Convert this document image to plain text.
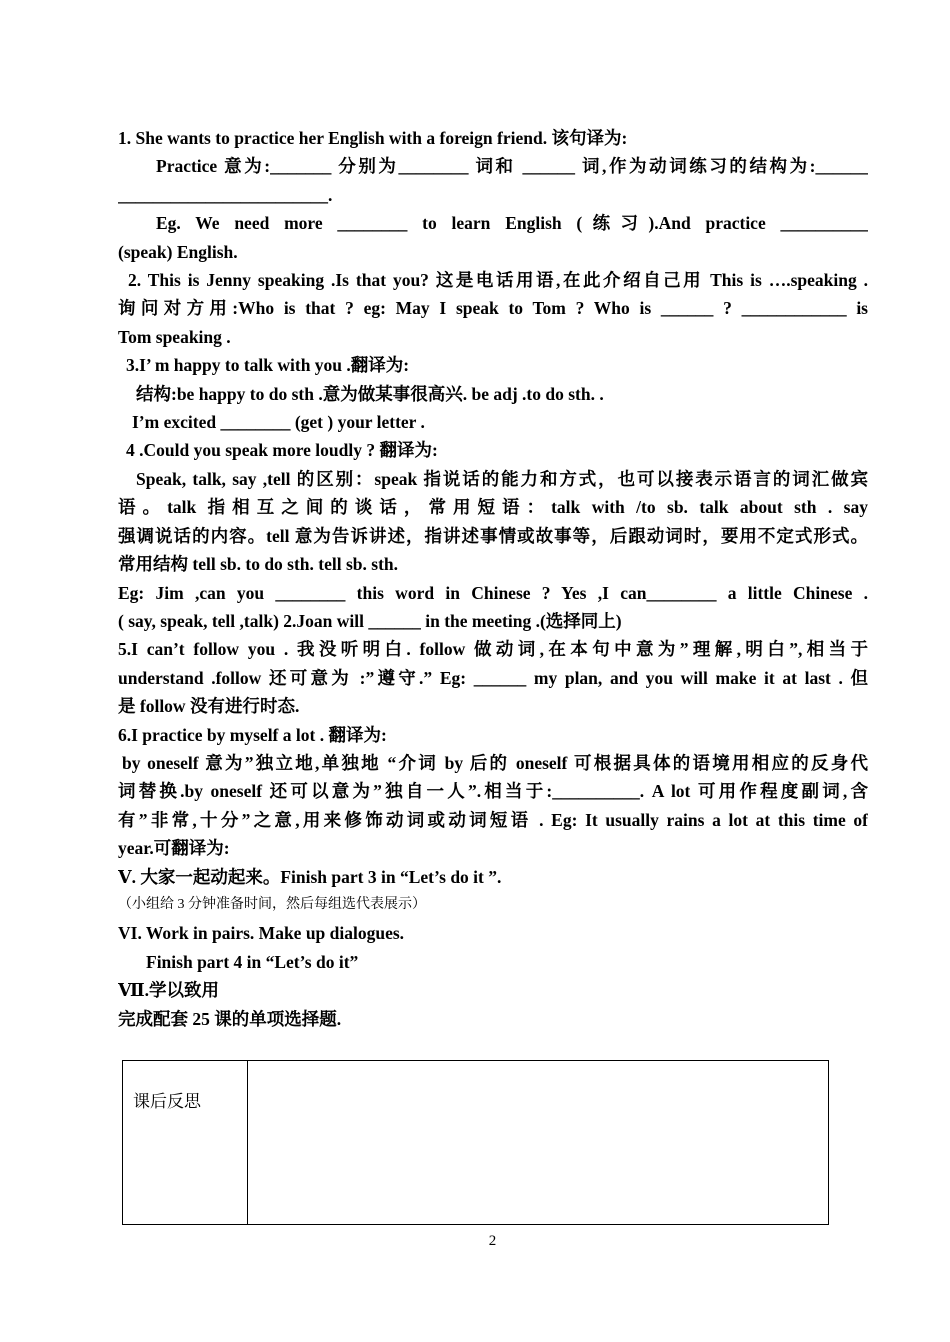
1. She wants to practice her English with a foreign friend. 该句译为:
Practice 意为:_______ 分别为________ 词和 ______ 词,作为动词练习的结构为:______
________________________.
Eg. We need more ________ to learn English (练习).And practice __________
(speak) English.
2. This is Jenny speaking .Is that you? 这是电话用语,在此介绍自己用 This is ….speaking .
询问对方用:Who is that ? eg: May I speak to Tom ? Who is ______ ? ____________ is
Tom speaking .
3.I’ m happy to talk with you .翻译为:
结构:be happy to do sth .意为做某事很高兴. be adj .to do sth. .
I’m excited ________ (get ) your letter .
4 .Could you speak more loudly ? 翻译为:
Speak, talk, say ,tell 的区别：speak 指说话的能力和方式，也可以接表示语言的词汇做宾
语。talk 指相互之间的谈话，常用短语：talk with /to sb. talk about sth . say
强调说话的内容。tell 意为告诉讲述，指讲述事情或故事等，后跟动词时，要用不定式形式。
常用结构 tell sb. to do sth. tell sb. sth.
Eg: Jim ,can you ________ this word in Chinese ? Yes ,I can________ a little Chinese .
( say, speak, tell ,talk) 2.Joan will ______ in the meeting .(选择同上)
5.I can’t follow you . 我没听明白. follow 做动词,在本句中意为”理解,明白”,相当于
understand .follow 还可意为 :”遵守.” Eg: ______ my plan, and you will make it at last . 但
是 follow 没有进行时态.
6.I practice by myself a lot . 翻译为:
by oneself 意为”独立地,单独地 “介词 by 后的 oneself 可根据具体的语境用相应的反身代
词替换.by oneself 还可以意为”独自一人”.相当于:__________. A lot 可用作程度副词,含
有”非常,十分”之意,用来修饰动词或动词短语 . Eg: It usually rains a lot at this time of
year.可翻译为:
Ⅴ. 大家一起动起来。Finish part 3 in “Let’s do it ”.
（小组给 3 分钟准备时间，然后每组选代表展示）
VI. Work in pairs. Make up dialogues.
Finish part 4 in “Let’s do it”
Ⅶ.学以致用
完成配套 25 课的单项选择题.
课后反思	
2
